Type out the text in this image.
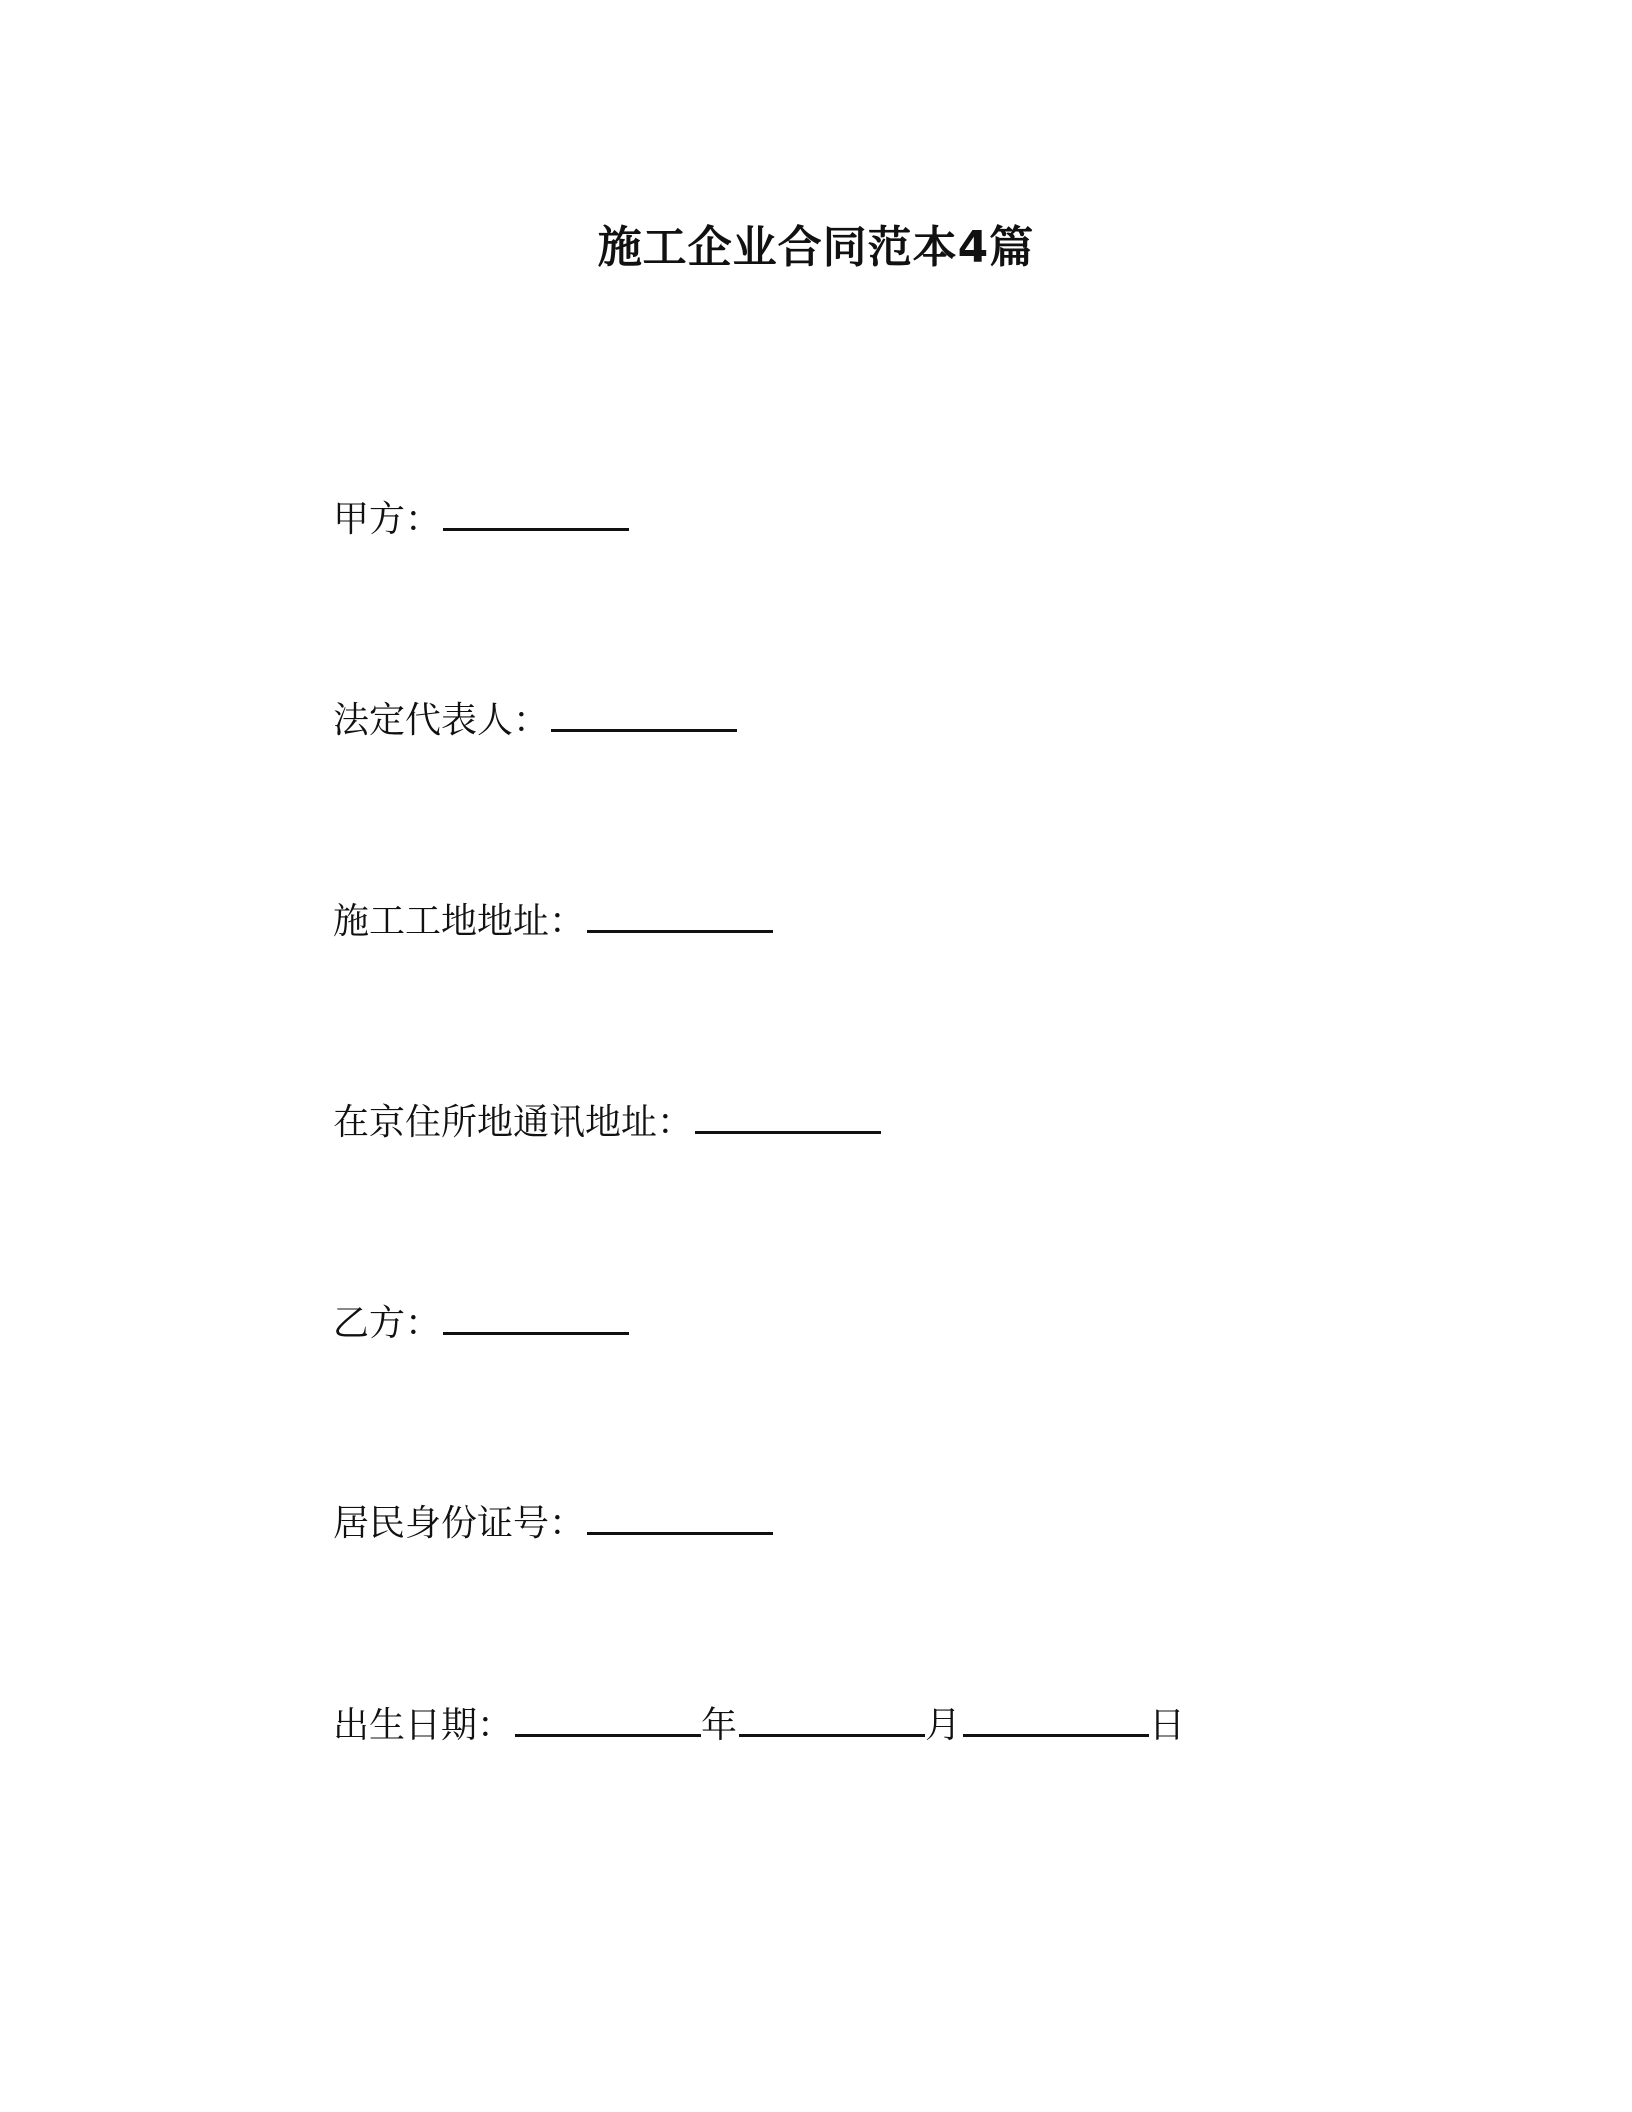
施工企业合同范本4篇
甲方：
法定代表人：
施工工地地址：
在京住所地通讯地址：
乙方：
居民身份证号：
出生日期：	年	月	日
